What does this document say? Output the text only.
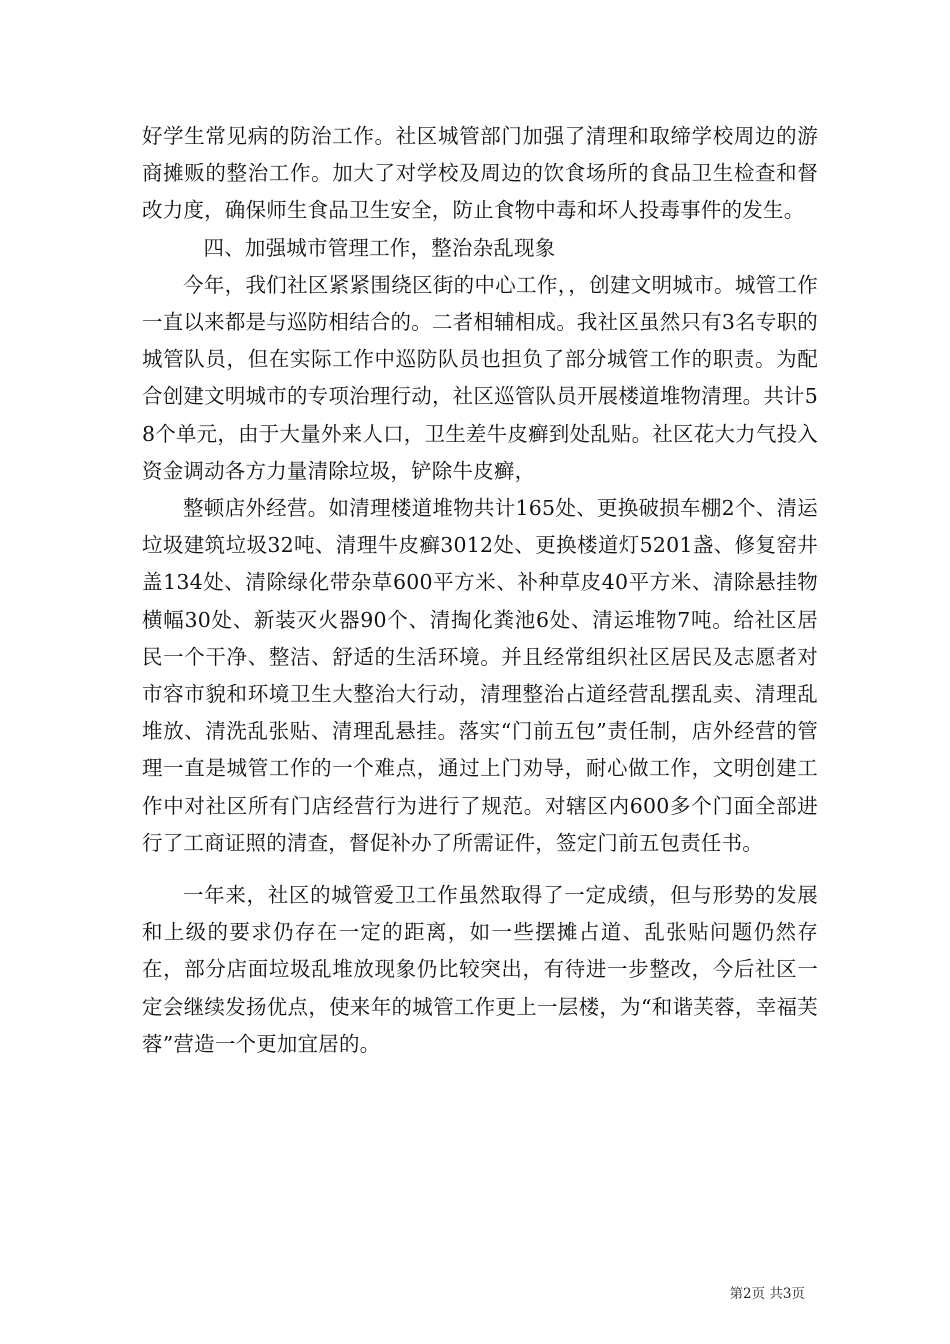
好学生常见病的防治工作。社区城管部门加强了清理和取缔学校周边的游商摊贩的整治工作。加大了对学校及周边的饮食场所的食品卫生检查和督改力度，确保师生食品卫生安全，防止食物中毒和坏人投毒事件的发生。

四、加强城市管理工作，整治杂乱现象

今年，我们社区紧紧围绕区街的中心工作，，创建文明城市。城管工作一直以来都是与巡防相结合的。二者相辅相成。我社区虽然只有3名专职的城管队员，但在实际工作中巡防队员也担负了部分城管工作的职责。为配合创建文明城市的专项治理行动，社区巡管队员开展楼道堆物清理。共计58个单元，由于大量外来人口，卫生差牛皮癣到处乱贴。社区花大力气投入资金调动各方力量清除垃圾，铲除牛皮癣，

整顿店外经营。如清理楼道堆物共计165处、更换破损车棚2个、清运垃圾建筑垃圾32吨、清理牛皮癣3012处、更换楼道灯5201盏、修复窑井盖134处、清除绿化带杂草600平方米、补种草皮40平方米、清除悬挂物横幅30处、新装灭火器90个、清掏化粪池6处、清运堆物7吨。给社区居民一个干净、整洁、舒适的生活环境。并且经常组织社区居民及志愿者对市容市貌和环境卫生大整治大行动，清理整治占道经营乱摆乱卖、清理乱堆放、清洗乱张贴、清理乱悬挂。落实“门前五包”责任制，店外经营的管理一直是城管工作的一个难点，通过上门劝导，耐心做工作，文明创建工作中对社区所有门店经营行为进行了规范。对辖区内600多个门面全部进行了工商证照的清查，督促补办了所需证件，签定门前五包责任书。

一年来，社区的城管爱卫工作虽然取得了一定成绩，但与形势的发展和上级的要求仍存在一定的距离，如一些摆摊占道、乱张贴问题仍然存在，部分店面垃圾乱堆放现象仍比较突出，有待进一步整改，今后社区一定会继续发扬优点，使来年的城管工作更上一层楼，为“和谐芙蓉，幸福芙蓉”营造一个更加宜居的。

第2页 共3页
